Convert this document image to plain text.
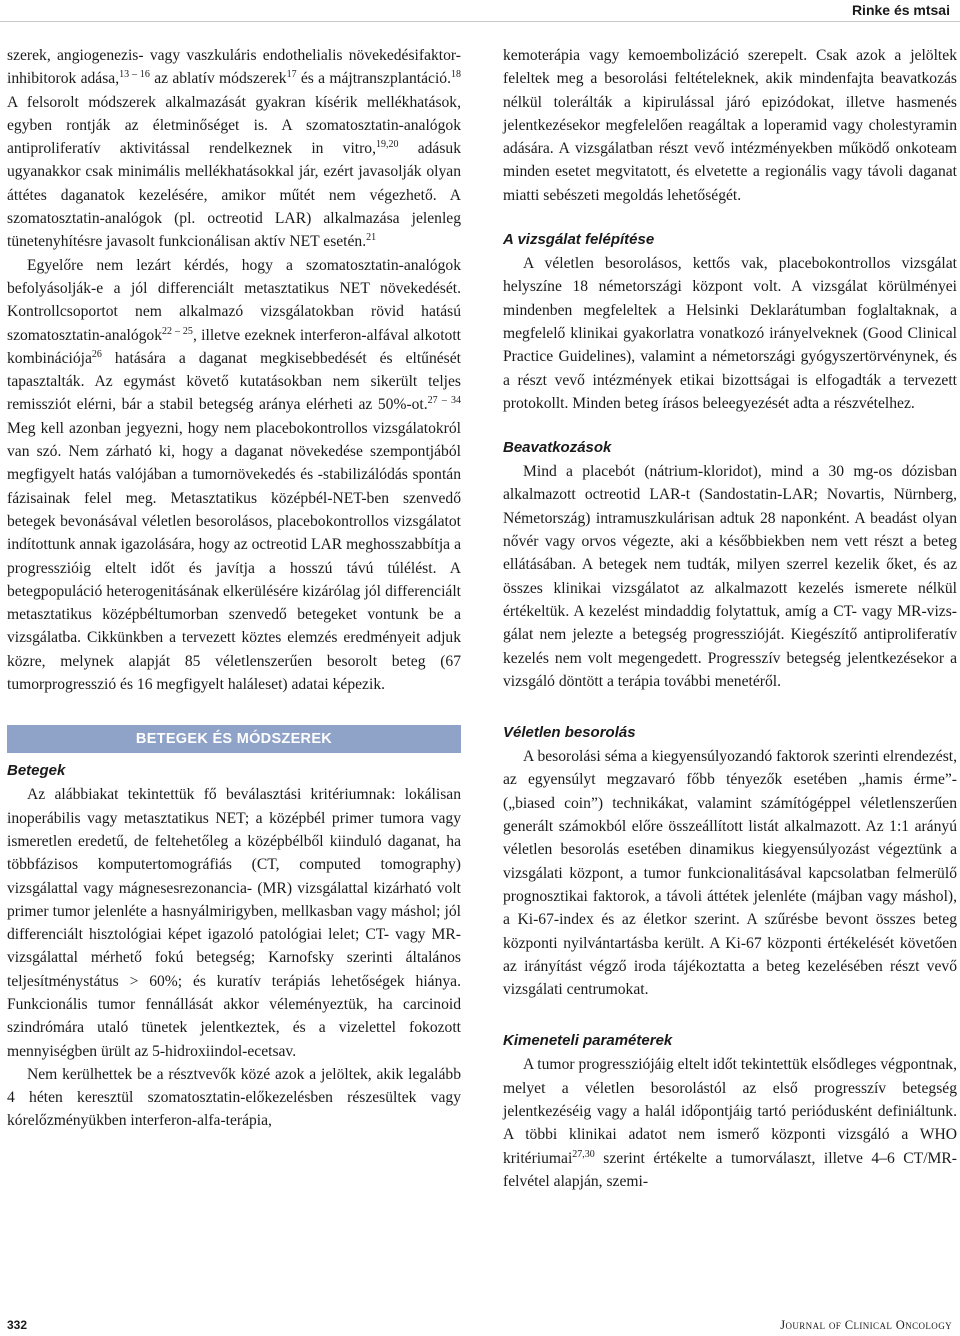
Rinke és mtsai

szerek, angiogenezis- vagy vaszkuláris endothelialis növekedésifaktor-inhibitorok adása,$^{13 - 16}$ az ablatív módszerek$^{17}$ és a májtranszplantáció.$^{18}$ A felsorolt módszerek alkalmazását gyakran kísérik mellékhatások, egyben rontják az életminőséget is. A szomatosztatin-analógok antiproliferatív aktivitással rendelkeznek in vitro,$^{19,20}$ adásuk ugyanakkor csak minimális mellékhatásokkal jár, ezért javasolják olyan áttétes daganatok kezelésére, amikor műtét nem végezhető. A szomatosztatin-analógok (pl. octreotid LAR) alkalmazása jelenleg tünetenyhítésre javasolt funkcionálisan aktív NET esetén.$^{21}$

Egyelőre nem lezárt kérdés, hogy a szomatosztatin-analógok befolyásolják-e a jól differenciált metasztatikus NET növekedését. Kontrollcsoportot nem alkalmazó vizsgálatokban rövid hatású szomatosztatin-analógok$^{22 - 25}$, illetve ezeknek interferon-alfával alkotott kombinációja$^{26}$ hatására a daganat megkisebbedését és eltűnését tapasztalták. Az egymást követő kutatásokban nem sikerült teljes remissziót elérni, bár a stabil betegség aránya elérheti az 50%-ot.$^{27 - 34}$ Meg kell azonban jegyezni, hogy nem placebokontrollos vizsgálatokról van szó. Nem zárható ki, hogy a daganat növekedése szempontjából megfigyelt hatás valójában a tumornövekedés és -stabilizálódás spontán fázisainak felel meg. Metasztatikus középbél-NET-ben szenvedő betegek bevonásával véletlen besorolásos, placebokontrollos vizsgálatot indítottunk annak igazolására, hogy az octreotid LAR meghosszabbítja a progresszióig eltelt időt és javítja a hosszú távú túlélést. A betegpopuláció heterogenitásának elkerülésére kizárólag jól differenciált metasztatikus középbéltumorban szenvedő betegeket vontunk be a vizsgálatba. Cikkünkben a tervezett köztes elemzés eredményeit adjuk közre, melynek alapját 85 véletlenszerűen besorolt beteg (67 tumorprogresszió és 16 megfigyelt haláleset) adatai képezik.

BETEGEK ÉS MÓDSZEREK
Betegek

Az alábbiakat tekintettük fő beválasztási kritériumnak: lokálisan inoperábilis vagy metasztatikus NET; a középbél primer tumora vagy ismeretlen eredetű, de feltehetőleg a középbélből kiinduló daganat, ha többfázisos komputertomográfiás (CT, computed tomography) vizsgálattal vagy mágnesesrezonancia- (MR) vizsgálattal kizárható volt primer tumor jelenléte a hasnyálmirigyben, mellkasban vagy máshol; jól differenciált hisztológiai képet igazoló patológiai lelet; CT- vagy MR-vizsgálattal mérhető fokú betegség; Karnofsky szerinti általános teljesítménystátus > 60%; és kuratív terápiás lehetőségek hiánya. Funkcionális tumor fennállását akkor véleményeztük, ha carcinoid szindrómára utaló tünetek jelentkeztek, és a vizelettel fokozott mennyiségben ürült az 5-hidroxiindol-ecetsav.

Nem kerülhettek be a résztvevők közé azok a jelöltek, akik legalább 4 héten keresztül szomatosztatin-előkezelésben részesültek vagy kórelőzményükben interferon-alfa-terápia,

kemoterápia vagy kemoembolizáció szerepelt. Csak azok a jelöltek feleltek meg a besorolási feltételeknek, akik mindenfajta beavatkozás nélkül tolerálták a kipirulással járó epizódokat, illetve hasmenés jelentkezésekor megfelelően reagáltak a loperamid vagy cholestyramin adására. A vizsgálatban részt vevő intézményekben működő onkoteam minden esetet megvitatott, és elvetette a regionális vagy távoli daganat miatti sebészeti megoldás lehetőségét.

A vizsgálat felépítése

A véletlen besorolásos, kettős vak, placebokontrollos vizsgálat helyszíne 18 németországi központ volt. A vizsgálat körülményei mindenben megfeleltek a Helsinki Deklarátumban foglaltaknak, a megfelelő klinikai gyakorlatra vonatkozó irányelveknek (Good Clinical Practice Guidelines), valamint a németországi gyógyszertörvénynek, és a részt vevő intézmények etikai bizottságai is elfogadták a tervezett protokollt. Minden beteg írásos beleegyezését adta a részvételhez.

Beavatkozások

Mind a placebót (nátrium-kloridot), mind a 30 mg-os dózisban alkalmazott octreotid LAR-t (Sandostatin-LAR; Novartis, Nürnberg, Németország) intramuszkulárisan adtuk 28 naponként. A beadást olyan nővér vagy orvos végezte, aki a későbbiekben nem vett részt a beteg ellátásában. A betegek nem tudták, milyen szerrel kezelik őket, és az összes klinikai vizsgálatot az alkalmazott kezelés ismerete nélkül értékeltük. A kezelést mindaddig folytattuk, amíg a CT- vagy MR-vizsgálat nem jelezte a betegség progresszióját. Kiegészítő antiproliferatív kezelés nem volt megengedett. Progresszív betegség jelentkezésekor a vizsgáló döntött a terápia további menetéről.

Véletlen besorolás

A besorolási séma a kiegyensúlyozandó faktorok szerinti elrendezést, az egyensúlyt megzavaró főbb tényezők esetében „hamis érme”- („biased coin”) technikákat, valamint számítógéppel véletlenszerűen generált számokból előre összeállított listát alkalmazott. Az 1:1 arányú véletlen besorolás esetében dinamikus kiegyensúlyozást végeztünk a vizsgálati központ, a tumor funkcionalitásával kapcsolatban felmerülő prognosztikai faktorok, a távoli áttétek jelenléte (májban vagy máshol), a Ki-67-index és az életkor szerint. A szűrésbe bevont összes beteg központi nyilvántartásba került. A Ki-67 központi értékelését követően az irányítást végző iroda tájékoztatta a beteg kezelésében részt vevő vizsgálati centrumokat.

Kimeneteli paraméterek

A tumor progressziójáig eltelt időt tekintettük elsődleges végpontnak, melyet a véletlen besorolástól az első progresszív betegség jelentkezéséig vagy a halál időpontjáig tartó periódusként definiáltunk. A többi klinikai adatot nem ismerő központi vizsgáló a WHO kritériumai$^{27,30}$ szerint értékelte a tumorválaszt, illetve 4–6 CT/MR-felvétel alapján, szemi-

332	Journal of Clinical Oncology
